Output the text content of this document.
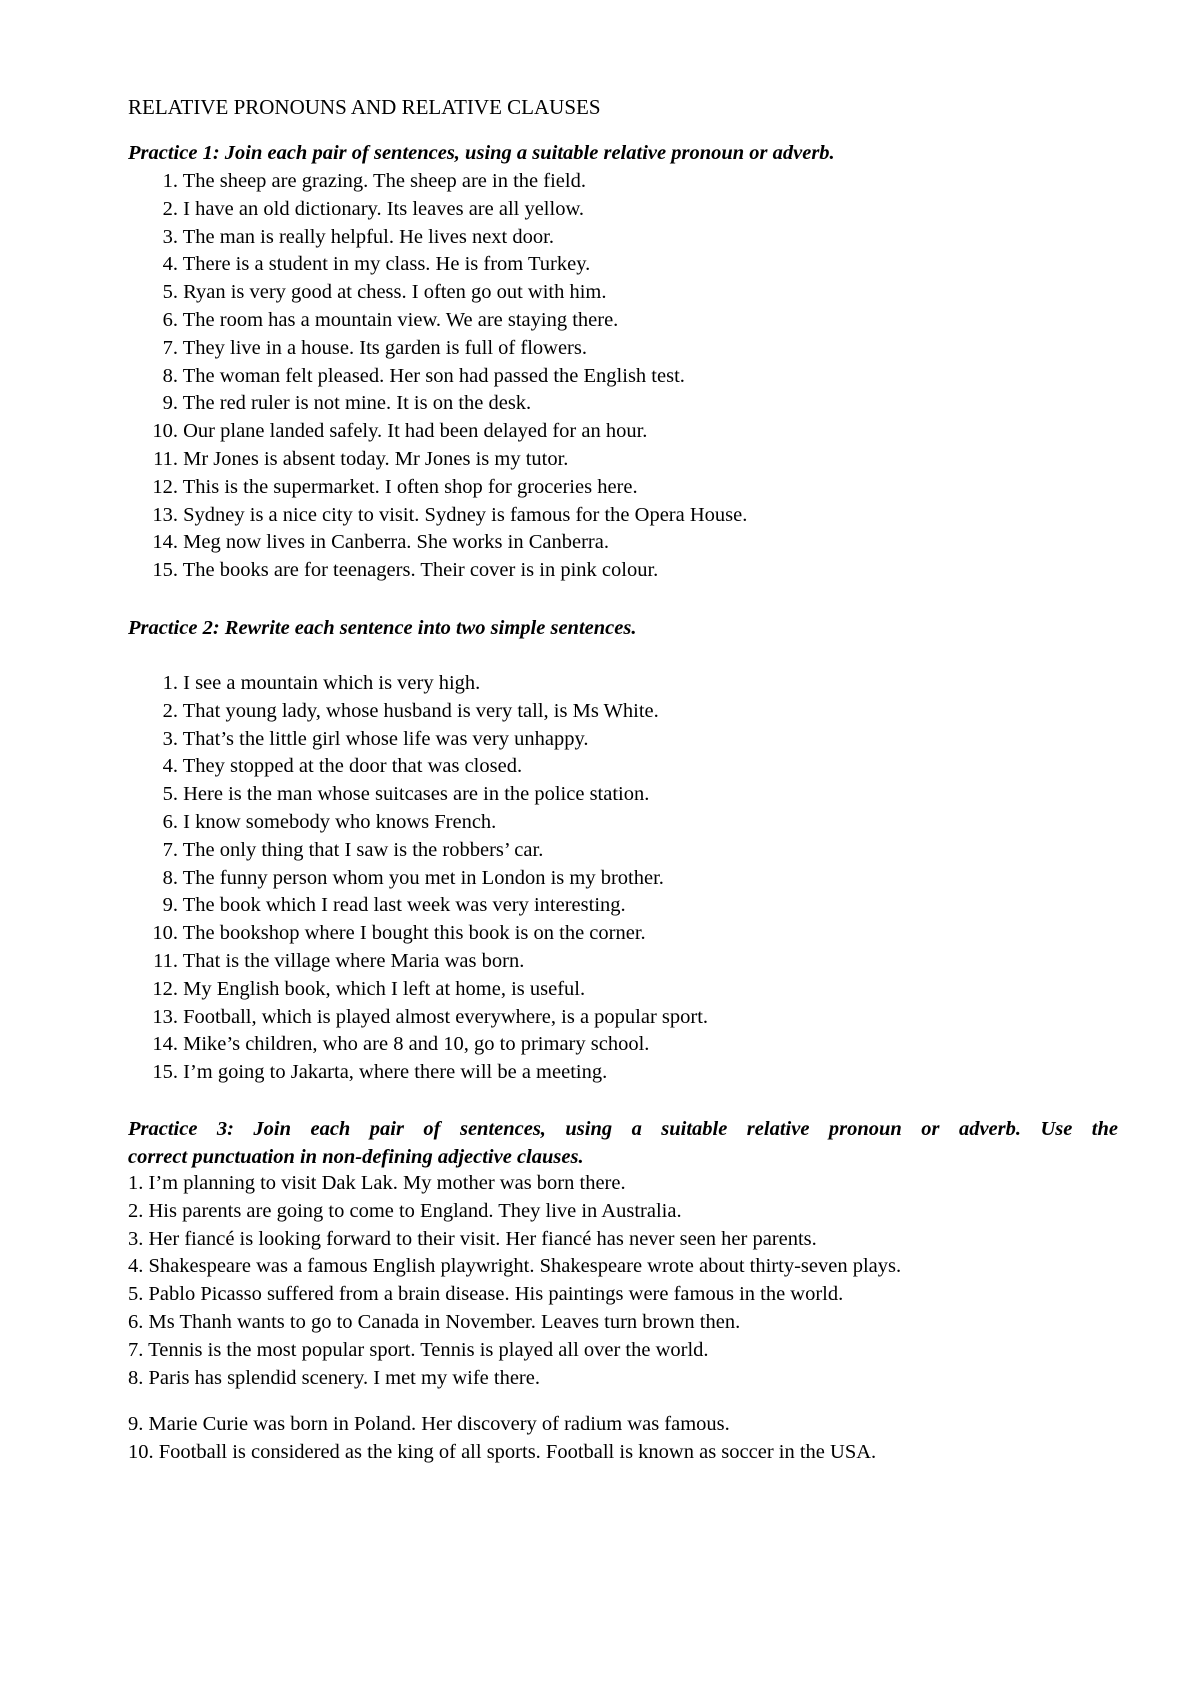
RELATIVE PRONOUNS AND RELATIVE CLAUSES
Practice 1: Join each pair of sentences, using a suitable relative pronoun or adverb.
1. The sheep are grazing. The sheep are in the field.
2. I have an old dictionary. Its leaves are all yellow.
3. The man is really helpful. He lives next door.
4. There is a student in my class. He is from Turkey.
5. Ryan is very good at chess. I often go out with him.
6. The room has a mountain view. We are staying there.
7. They live in a house. Its garden is full of flowers.
8. The woman felt pleased. Her son had passed the English test.
9. The red ruler is not mine. It is on the desk.
10. Our plane landed safely. It had been delayed for an hour.
11. Mr Jones is absent today. Mr Jones is my tutor.
12. This is the supermarket. I often shop for groceries here.
13. Sydney is a nice city to visit. Sydney is famous for the Opera House.
14. Meg now lives in Canberra. She works in Canberra.
15. The books are for teenagers. Their cover is in pink colour.
Practice 2: Rewrite each sentence into two simple sentences.
1. I see a mountain which is very high.
2. That young lady, whose husband is very tall, is Ms White.
3. That’s the little girl whose life was very unhappy.
4. They stopped at the door that was closed.
5. Here is the man whose suitcases are in the police station.
6. I know somebody who knows French.
7. The only thing that I saw is the robbers’ car.
8. The funny person whom you met in London is my brother.
9. The book which I read last week was very interesting.
10. The bookshop where I bought this book is on the corner.
11. That is the village where Maria was born.
12. My English book, which I left at home, is useful.
13. Football, which is played almost everywhere, is a popular sport.
14. Mike’s children, who are 8 and 10, go to primary school.
15. I’m going to Jakarta, where there will be a meeting.
Practice 3: Join each pair of sentences, using a suitable relative pronoun or adverb. Use the
correct punctuation in non-defining adjective clauses.
1. I’m planning to visit Dak Lak. My mother was born there.
2. His parents are going to come to England. They live in Australia.
3. Her fiancé is looking forward to their visit. Her fiancé has never seen her parents.
4. Shakespeare was a famous English playwright. Shakespeare wrote about thirty-seven plays.
5. Pablo Picasso suffered from a brain disease. His paintings were famous in the world.
6. Ms Thanh wants to go to Canada in November. Leaves turn brown then.
7. Tennis is the most popular sport. Tennis is played all over the world.
8. Paris has splendid scenery. I met my wife there.
9. Marie Curie was born in Poland. Her discovery of radium was famous.
10. Football is considered as the king of all sports. Football is known as soccer in the USA.
